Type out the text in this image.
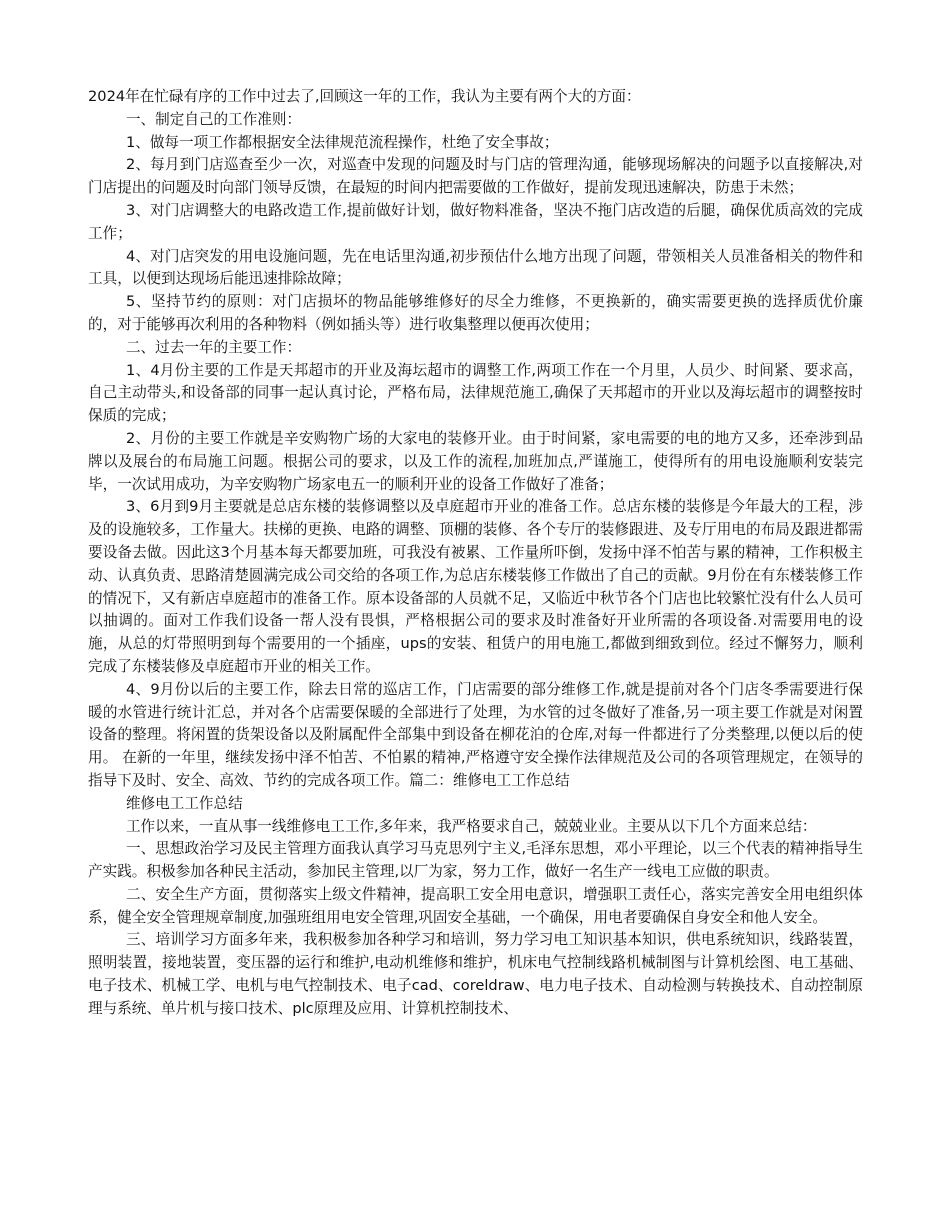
2024年在忙碌有序的工作中过去了,回顾这一年的工作，我认为主要有两个大的方面：

一、制定自己的工作准则：

1、做每一项工作都根据安全法律规范流程操作，杜绝了安全事故；

2、每月到门店巡查至少一次，对巡查中发现的问题及时与门店的管理沟通，能够现场解决的问题予以直接解决,对门店提出的问题及时向部门领导反馈，在最短的时间内把需要做的工作做好，提前发现迅速解决，防患于未然；

3、对门店调整大的电路改造工作,提前做好计划，做好物料准备，坚决不拖门店改造的后腿，确保优质高效的完成工作；

4、对门店突发的用电设施问题，先在电话里沟通,初步预估什么地方出现了问题，带领相关人员准备相关的物件和工具，以便到达现场后能迅速排除故障；

5、坚持节约的原则：对门店损坏的物品能够维修好的尽全力维修，不更换新的，确实需要更换的选择质优价廉的，对于能够再次利用的各种物料（例如插头等）进行收集整理以便再次使用；

二、过去一年的主要工作：

1、4月份主要的工作是天邦超市的开业及海坛超市的调整工作,两项工作在一个月里，人员少、时间紧、要求高，自己主动带头,和设备部的同事一起认真讨论，严格布局，法律规范施工,确保了天邦超市的开业以及海坛超市的调整按时保质的完成；

2、月份的主要工作就是辛安购物广场的大家电的装修开业。由于时间紧，家电需要的电的地方又多，还牵涉到品牌以及展台的布局施工问题。根据公司的要求，以及工作的流程,加班加点,严谨施工，使得所有的用电设施顺利安装完毕，一次试用成功，为辛安购物广场家电五一的顺利开业的设备工作做好了准备；

3、6月到9月主要就是总店东楼的装修调整以及卓庭超市开业的准备工作。总店东楼的装修是今年最大的工程，涉及的设施较多，工作量大。扶梯的更换、电路的调整、顶棚的装修、各个专厅的装修跟进、及专厅用电的布局及跟进都需要设备去做。因此这3个月基本每天都要加班，可我没有被累、工作量所吓倒，发扬中泽不怕苦与累的精神，工作积极主动、认真负责、思路清楚圆满完成公司交给的各项工作,为总店东楼装修工作做出了自己的贡献。9月份在有东楼装修工作的情况下，又有新店卓庭超市的准备工作。原本设备部的人员就不足，又临近中秋节各个门店也比较繁忙没有什么人员可以抽调的。面对工作我们设备一帮人没有畏惧，严格根据公司的要求及时准备好开业所需的各项设备.对需要用电的设施，从总的灯带照明到每个需要用的一个插座，ups的安装、租赁户的用电施工,都做到细致到位。经过不懈努力，顺利完成了东楼装修及卓庭超市开业的相关工作。

4、9月份以后的主要工作，除去日常的巡店工作，门店需要的部分维修工作,就是提前对各个门店冬季需要进行保暖的水管进行统计汇总，并对各个店需要保暖的全部进行了处理，为水管的过冬做好了准备,另一项主要工作就是对闲置设备的整理。将闲置的货架设备以及附属配件全部集中到设备在柳花泊的仓库,对每一件都进行了分类整理,以便以后的使用。 在新的一年里，继续发扬中泽不怕苦、不怕累的精神,严格遵守安全操作法律规范及公司的各项管理规定，在领导的指导下及时、安全、高效、节约的完成各项工作。篇二：维修电工工作总结

维修电工工作总结

工作以来，一直从事一线维修电工工作,多年来，我严格要求自己，兢兢业业。主要从以下几个方面来总结：

一、思想政治学习及民主管理方面我认真学习马克思列宁主义,毛泽东思想，邓小平理论，以三个代表的精神指导生产实践。积极参加各种民主活动，参加民主管理,以厂为家，努力工作，做好一名生产一线电工应做的职责。

二、安全生产方面，贯彻落实上级文件精神，提高职工安全用电意识，增强职工责任心，落实完善安全用电组织体系，健全安全管理规章制度,加强班组用电安全管理,巩固安全基础，一个确保，用电者要确保自身安全和他人安全。

三、培训学习方面多年来，我积极参加各种学习和培训，努力学习电工知识基本知识，供电系统知识，线路装置，照明装置，接地装置，变压器的运行和维护,电动机维修和维护，机床电气控制线路机械制图与计算机绘图、电工基础、电子技术、机械工学、电机与电气控制技术、电子cad、coreldraw、电力电子技术、自动检测与转换技术、自动控制原理与系统、单片机与接口技术、plc原理及应用、计算机控制技术、
